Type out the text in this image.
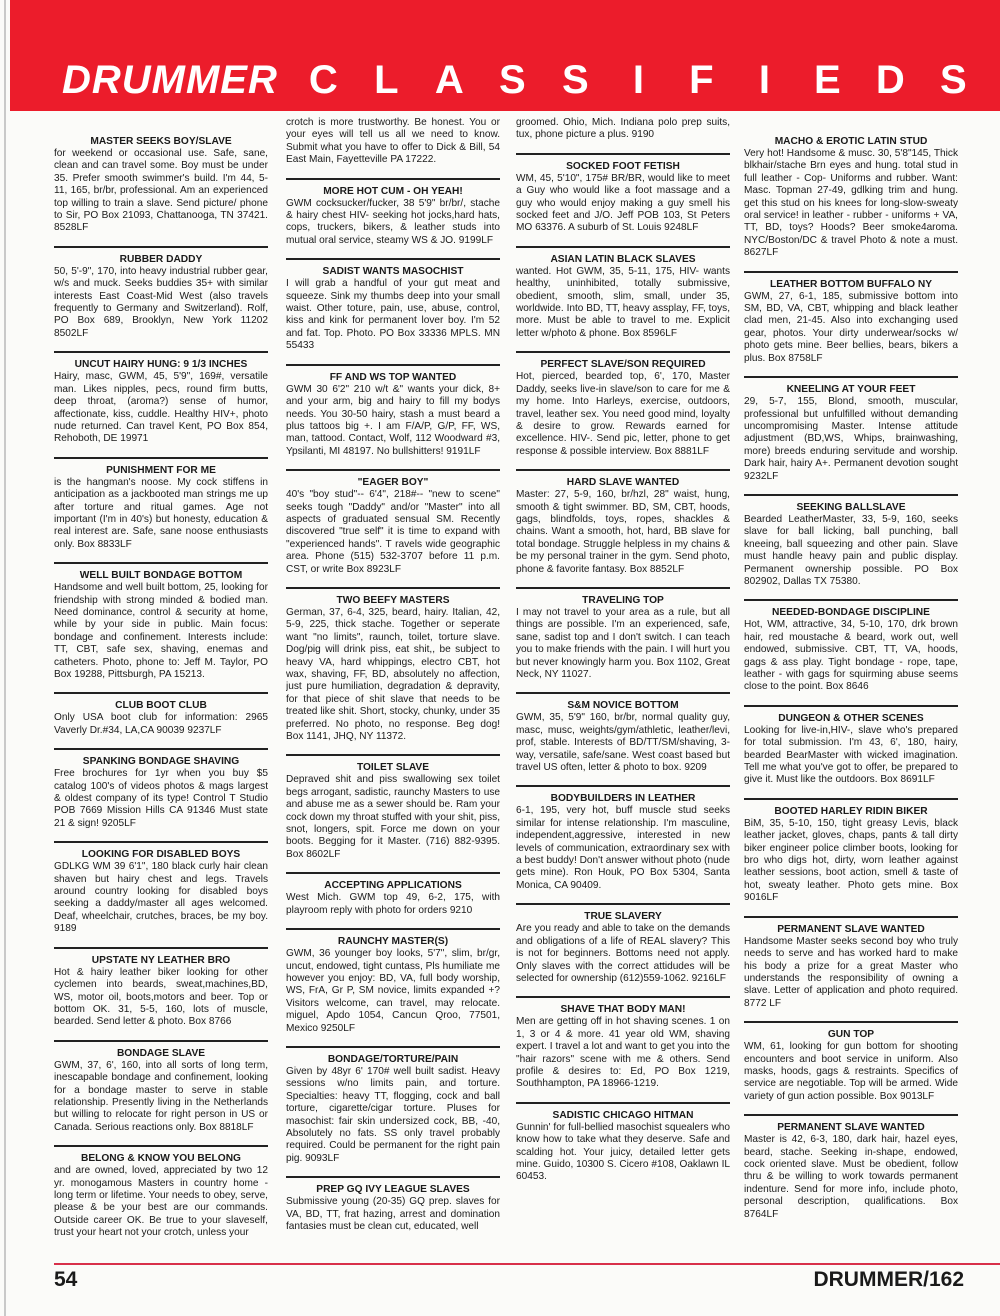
DRUMMER C L A S S I F I E D S
MASTER SEEKS BOY/SLAVE
for weekend or occasional use. Safe, sane, clean and can travel some. Boy must be under 35. Prefer smooth swimmer's build. I'm 44, 5-11, 165, br/br, professional. Am an experienced top willing to train a slave. Send picture/ phone to Sir, PO Box 21093, Chattanooga, TN 37421. 8528LF
RUBBER DADDY
50, 5'-9", 170, into heavy industrial rubber gear, w/s and muck. Seeks buddies 35+ with similar interests East Coast-Mid West (also travels frequently to Germany and Switzerland). Rolf, PO Box 689, Brooklyn, New York 11202 8502LF
UNCUT HAIRY HUNG: 9 1/3 INCHES
Hairy, masc, GWM, 45, 5'9", 169#, versatile man. Likes nipples, pecs, round firm butts, deep throat, (aroma?) sense of humor, affectionate, kiss, cuddle. Healthy HIV+, photo nude returned. Can travel Kent, PO Box 854, Rehoboth, DE 19971
PUNISHMENT FOR ME
is the hangman's noose. My cock stiffens in anticipation as a jackbooted man strings me up after torture and ritual games. Age not important (I'm in 40's) but honesty, education & real interest are. Safe, sane noose enthusiasts only. Box 8833LF
WELL BUILT BONDAGE BOTTOM
Handsome and well built bottom, 25, looking for friendship with strong minded & bodied man. Need dominance, control & security at home, while by your side in public. Main focus: bondage and confinement. Interests include: TT, CBT, safe sex, shaving, enemas and catheters. Photo, phone to: Jeff M. Taylor, PO Box 19288, Pittsburgh, PA 15213.
CLUB BOOT CLUB
Only USA boot club for information: 2965 Vaverly Dr.#34, LA,CA 90039 9237LF
SPANKING BONDAGE SHAVING
Free brochures for 1yr when you buy $5 catalog 100's of videos photos & mags largest & oldest company of its type! Control T Studio POB 7669 Mission Hills CA 91346 Must state 21 & sign! 9205LF
LOOKING FOR DISABLED BOYS
GDLKG WM 39 6'1", 180 black curly hair clean shaven but hairy chest and legs. Travels around country looking for disabled boys seeking a daddy/master all ages welcomed. Deaf, wheelchair, crutches, braces, be my boy. 9189
UPSTATE NY LEATHER BRO
Hot & hairy leather biker looking for other cyclemen into beards, sweat,machines,BD, WS, motor oil, boots,motors and beer. Top or bottom OK. 31, 5-5, 160, lots of muscle, bearded. Send letter & photo. Box 8766
BONDAGE SLAVE
GWM, 37, 6', 160, into all sorts of long term, inescapable bondage and confinement, looking for a bondage master to serve in stable relationship. Presently living in the Netherlands but willing to relocate for right person in US or Canada. Serious reactions only. Box 8818LF
BELONG & KNOW YOU BELONG
and are owned, loved, appreciated by two 12 yr. monogamous Masters in country home - long term or lifetime. Your needs to obey, serve, please & be your best are our commands. Outside career OK. Be true to your slaveself, trust your heart not your crotch, unless your
crotch is more trustworthy. Be honest. You or your eyes will tell us all we need to know. Submit what you have to offer to Dick & Bill, 54 East Main, Fayetteville PA 17222.
MORE HOT CUM - OH YEAH!
GWM cocksucker/fucker, 38 5'9" br/br/, stache & hairy chest HIV- seeking hot jocks,hard hats, cops, truckers, bikers, & leather studs into mutual oral service, steamy WS & JO. 9199LF
SADIST WANTS MASOCHIST
I will grab a handful of your gut meat and squeeze. Sink my thumbs deep into your small waist. Other toture, pain, use, abuse, control, kiss and kink for permanent lover boy. I'm 52 and fat. Top. Photo. PO Box 33336 MPLS. MN 55433
FF AND WS TOP WANTED
GWM 30 6'2" 210 w/t &" wants your dick, 8+ and your arm, big and hairy to fill my bodys needs. You 30-50 hairy, stash a must beard a plus tattoos big +. I am F/A/P, G/P, FF, WS, man, tattood. Contact, Wolf, 112 Woodward #3, Ypsilanti, MI 48197. No bullshitters! 9191LF
"EAGER BOY"
40's "boy stud"-- 6'4", 218#-- "new to scene" seeks tough "Daddy" and/or "Master" into all aspects of graduated sensual SM. Recently discovered "true self" it is time to expand with "experienced hands". T ravels wide geographic area. Phone (515) 532-3707 before 11 p.m. CST, or write Box 8923LF
TWO BEEFY MASTERS
German, 37, 6-4, 325, beard, hairy. Italian, 42, 5-9, 225, thick stache. Together or seperate want "no limits", raunch, toilet, torture slave. Dog/pig will drink piss, eat shit,, be subject to heavy VA, hard whippings, electro CBT, hot wax, shaving, FF, BD, absolutely no affection, just pure humiliation, degradation & depravity, for that piece of shit slave that needs to be treated like shit. Short, stocky, chunky, under 35 preferred. No photo, no response. Beg dog! Box 1141, JHQ, NY 11372.
TOILET SLAVE
Depraved shit and piss swallowing sex toilet begs arrogant, sadistic, raunchy Masters to use and abuse me as a sewer should be. Ram your cock down my throat stuffed with your shit, piss, snot, longers, spit. Force me down on your boots. Begging for it Master. (716) 882-9395. Box 8602LF
ACCEPTING APPLICATIONS
West Mich. GWM top 49, 6-2, 175, with playroom reply with photo for orders 9210
RAUNCHY MASTER(S)
GWM, 36 younger boy looks, 5'7", slim, br/gr, uncut, endowed, tight cuntass, Pls humiliate me however you enjoy: BD, VA, full body worship, WS, FrA, Gr P, SM novice, limits expanded +? Visitors welcome, can travel, may relocate. miguel, Apdo 1054, Cancun Qroo, 77501, Mexico 9250LF
BONDAGE/TORTURE/PAIN
Given by 48yr 6' 170# well built sadist. Heavy sessions w/no limits pain, and torture. Specialties: heavy TT, flogging, cock and ball torture, cigarette/cigar torture. Pluses for masochist: fair skin undersized cock, BB, -40, Absolutely no fats. SS only travel probably required. Could be permanent for the right pain pig. 9093LF
PREP GQ IVY LEAGUE SLAVES
Submissive young (20-35) GQ prep. slaves for VA, BD, TT, frat hazing, arrest and domination fantasies must be clean cut, educated, well
groomed. Ohio, Mich. Indiana polo prep suits, tux, phone picture a plus. 9190
SOCKED FOOT FETISH
WM, 45, 5'10", 175# BR/BR, would like to meet a Guy who would like a foot massage and a guy who would enjoy making a guy smell his socked feet and J/O. Jeff POB 103, St Peters MO 63376. A suburb of St. Louis 9248LF
ASIAN LATIN BLACK SLAVES
wanted. Hot GWM, 35, 5-11, 175, HIV- wants healthy, uninhibited, totally submissive, obedient, smooth, slim, small, under 35, worldwide. Into BD, TT, heavy assplay, FF, toys, more. Must be able to travel to me. Explicit letter w/photo & phone. Box 8596LF
PERFECT SLAVE/SON REQUIRED
Hot, pierced, bearded top, 6', 170, Master Daddy, seeks live-in slave/son to care for me & my home. Into Harleys, exercise, outdoors, travel, leather sex. You need good mind, loyalty & desire to grow. Rewards earned for excellence. HIV-. Send pic, letter, phone to get response & possible interview. Box 8881LF
HARD SLAVE WANTED
Master: 27, 5-9, 160, br/hzl, 28" waist, hung, smooth & tight swimmer. BD, SM, CBT, hoods, gags, blindfolds, toys, ropes, shackles & chains. Want a smooth, hot, hard, BB slave for total bondage. Struggle helpless in my chains & be my personal trainer in the gym. Send photo, phone & favorite fantasy. Box 8852LF
TRAVELING TOP
I may not travel to your area as a rule, but all things are possible. I'm an experienced, safe, sane, sadist top and I don't switch. I can teach you to make friends with the pain. I will hurt you but never knowingly harm you. Box 1102, Great Neck, NY 11027.
S&M NOVICE BOTTOM
GWM, 35, 5'9" 160, br/br, normal quality guy, masc, musc, weights/gym/athletic, leather/levi, prof, stable. Interests of BD/TT/SM/shaving, 3-way, versatile, safe/sane. West coast based but travel US often, letter & photo to box. 9209
BODYBUILDERS IN LEATHER
6-1, 195, very hot, buff muscle stud seeks similar for intense relationship. I'm masculine, independent,aggressive, interested in new levels of communication, extraordinary sex with a best buddy! Don't answer without photo (nude gets mine). Ron Houk, PO Box 5304, Santa Monica, CA 90409.
TRUE SLAVERY
Are you ready and able to take on the demands and obligations of a life of REAL slavery? This is not for beginners. Bottoms need not apply. Only slaves with the correct attidudes will be selected for ownership (612)559-1062. 9216LF
SHAVE THAT BODY MAN!
Men are getting off in hot shaving scenes. 1 on 1, 3 or 4 & more. 41 year old WM, shaving expert. I travel a lot and want to get you into the "hair razors" scene with me & others. Send profile & desires to: Ed, PO Box 1219, Southhampton, PA 18966-1219.
SADISTIC CHICAGO HITMAN
Gunnin' for full-bellied masochist squealers who know how to take what they deserve. Safe and scalding hot. Your juicy, detailed letter gets mine. Guido, 10300 S. Cicero #108, Oaklawn IL 60453.
MACHO & EROTIC LATIN STUD
Very hot! Handsome & musc. 30, 5'8"145, Thick blkhair/stache Brn eyes and hung. total stud in full leather - Cop- Uniforms and rubber. Want: Masc. Topman 27-49, gdlking trim and hung. get this stud on his knees for long-slow-sweaty oral service! in leather - rubber - uniforms + VA, TT, BD, toys? Hoods? Beer smoke4aroma. NYC/Boston/DC & travel Photo & note a must. 8627LF
LEATHER BOTTOM BUFFALO NY
GWM, 27, 6-1, 185, submissive bottom into SM, BD, VA, CBT, whipping and black leather clad men, 21-45. Also into exchanging used gear, photos. Your dirty underwear/socks w/ photo gets mine. Beer bellies, bears, bikers a plus. Box 8758LF
KNEELING AT YOUR FEET
29, 5-7, 155, Blond, smooth, muscular, professional but unfulfilled without demanding uncompromising Master. Intense attitude adjustment (BD,WS, Whips, brainwashing, more) breeds enduring servitude and worship. Dark hair, hairy A+. Permanent devotion sought 9232LF
SEEKING BALLSLAVE
Bearded LeatherMaster, 33, 5-9, 160, seeks slave for ball licking, ball punching, ball kneeing, ball squeezing and other pain. Slave must handle heavy pain and public display. Permanent ownership possible. PO Box 802902, Dallas TX 75380.
NEEDED-BONDAGE DISCIPLINE
Hot, WM, attractive, 34, 5-10, 170, drk brown hair, red moustache & beard, work out, well endowed, submissive. CBT, TT, VA, hoods, gags & ass play. Tight bondage - rope, tape, leather - with gags for squirming abuse seems close to the point. Box 8646
DUNGEON & OTHER SCENES
Looking for live-in,HIV-, slave who's prepared for total submission. I'm 43, 6', 180, hairy, bearded BearMaster with wicked imagination. Tell me what you've got to offer, be prepared to give it. Must like the outdoors. Box 8691LF
BOOTED HARLEY RIDIN BIKER
BiM, 35, 5-10, 150, tight greasy Levis, black leather jacket, gloves, chaps, pants & tall dirty biker engineer police climber boots, looking for bro who digs hot, dirty, worn leather against leather sessions, boot action, smell & taste of hot, sweaty leather. Photo gets mine. Box 9016LF
PERMANENT SLAVE WANTED
Handsome Master seeks second boy who truly needs to serve and has worked hard to make his body a prize for a great Master who understands the responsibility of owning a slave. Letter of application and photo required. 8772 LF
GUN TOP
WM, 61, looking for gun bottom for shooting encounters and boot service in uniform. Also masks, hoods, gags & restraints. Specifics of service are negotiable. Top will be armed. Wide variety of gun action possible. Box 9013LF
PERMANENT SLAVE WANTED
Master is 42, 6-3, 180, dark hair, hazel eyes, beard, stache. Seeking in-shape, endowed, cock oriented slave. Must be obedient, follow thru & be willing to work towards permanent indenture. Send for more info, include photo, personal description, qualifications. Box 8764LF
54	DRUMMER/162
